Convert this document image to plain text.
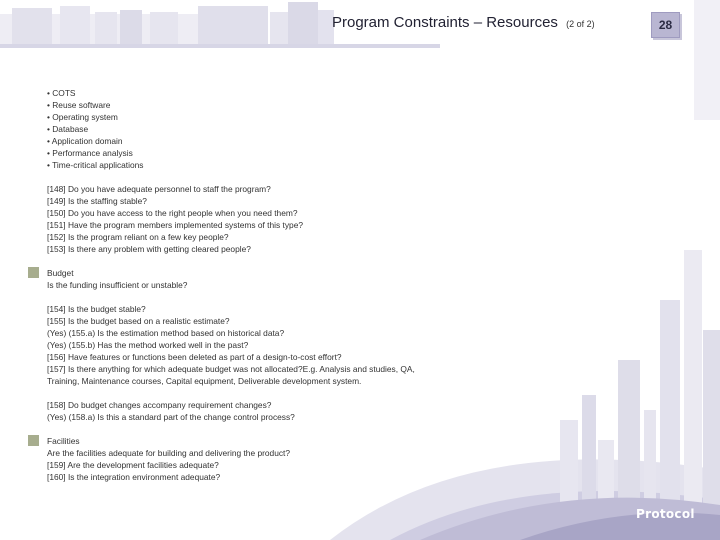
Program Constraints – Resources (2 of 2)	28
• COTS
• Reuse software
• Operating system
• Database
• Application domain
• Performance analysis
• Time-critical applications
[148] Do you have adequate personnel to staff the program?
[149] Is the staffing stable?
[150] Do you have access to the right people when you need them?
[151] Have the program members implemented systems of this type?
[152] Is the program reliant on a few key people?
[153] Is there any problem with getting cleared people?
Budget
Is the funding insufficient or unstable?
[154] Is the budget stable?
[155] Is the budget based on a realistic estimate?
(Yes) (155.a) Is the estimation method based on historical data?
(Yes) (155.b) Has the method worked well in the past?
[156] Have features or functions been deleted as part of a design-to-cost effort?
[157] Is there anything for which adequate budget was not allocated?E.g. Analysis and studies, QA,
Training, Maintenance courses, Capital equipment, Deliverable development system.
[158] Do budget changes accompany requirement changes?
(Yes) (158.a) Is this a standard part of the change control process?
Facilities
Are the facilities adequate for building and delivering the product?
[159] Are the development facilities adequate?
[160] Is the integration environment adequate?
Protocol
